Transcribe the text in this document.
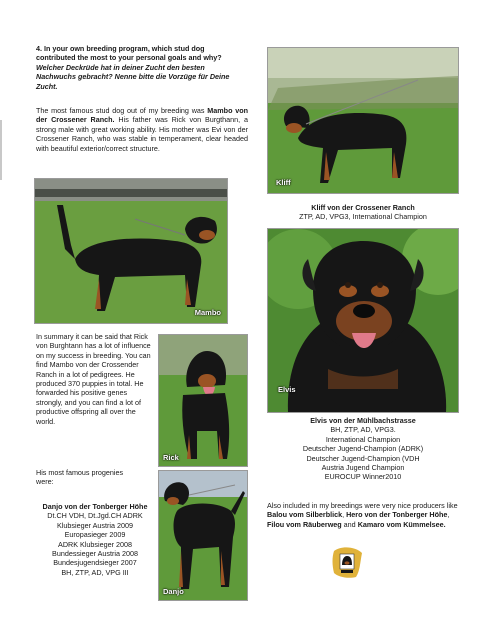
4. In your own breeding program, which stud dog contributed the most to your personal goals and why? Welcher Deckrüde hat in deiner Zucht den besten Nachwuchs gebracht? Nenne bitte die Vorzüge für Deine Zucht.
The most famous stud dog out of my breeding was Mambo von der Crossener Ranch. His father was Rick von Burgthann, a strong male with great working ability. His mother was Evi von der Crossener Ranch, who was stable in temperament, clear headed with beautiful exterior/correct structure.
Kliff
Kliff von der Crossener Ranch
ZTP, AD, VPG3, International Champion
Mambo
Elvis
In summary it can be said that Rick von Burghtann has a lot of influence on my success in breeding. You can find Mambo von der Crossender Ranch in a lot of pedigrees. He produced 370 puppies in total. He forwarded his positive genes strongly, and you can find a lot of productive offspring all over the world.
Rick
His most famous progenies were:
Danjo von der Tonberger Höhe
Dt.CH VDH, Dt.Jgd.CH ADRK
Klubsieger Austria 2009
Europasieger 2009
ADRK Klubsieger 2008
Bundessieger Austria 2008
Bundesjugendsieger 2007
BH, ZTP, AD, VPG III
Danjo
Elvis von der Mühlbachstrasse
BH, ZTP, AD, VPG3.
International Champion
Deutscher Jugend-Champion (ADRK)
Deutscher Jugend-Champion (VDH
Austria Jugend Champion
EUROCUP Winner2010
Also included in my breedings were very nice producers like Balou vom Silberblick, Hero von der Tonberger Höhe, Filou vom Räuberweg and Kamaro vom Kümmelsee.
